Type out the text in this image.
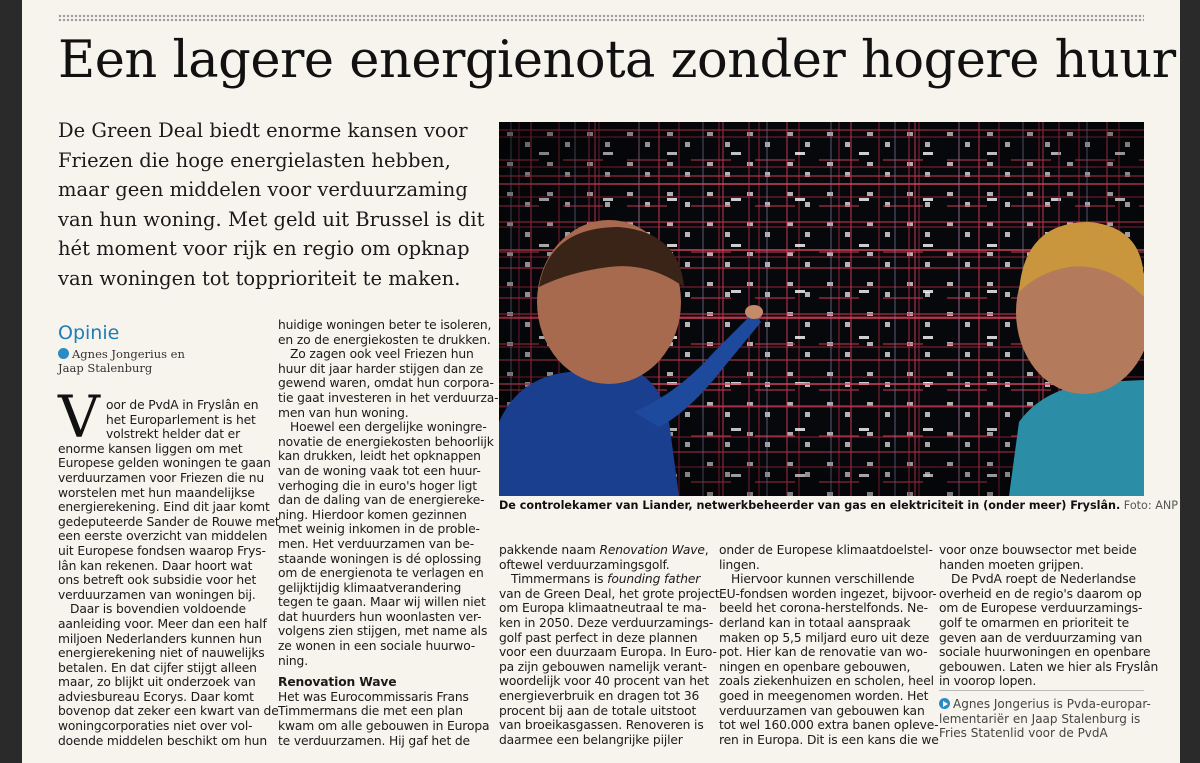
Een lagere energienota zonder hogere huur
De Green Deal biedt enorme kansen voor
Friezen die hoge energielasten hebben,
maar geen middelen voor verduurzaming
van hun woning. Met geld uit Brussel is dit
hét moment voor rijk en regio om opknap
van woningen tot topprioriteit te maken.
De controlekamer van Liander, netwerkbeheerder van gas en elektriciteit in (onder meer) Fryslân. Foto: ANP
Opinie
Agnes Jongerius en
Jaap Stalenburg
V oor de PvdA in Fryslân en
het Europarlement is het
volstrekt helder dat er
enorme kansen liggen om met
Europese gelden woningen te gaan
verduurzamen voor Friezen die nu
worstelen met hun maandelijkse
energierekening. Eind dit jaar komt
gedeputeerde Sander de Rouwe met
een eerste overzicht van middelen
uit Europese fondsen waarop Frys-
lân kan rekenen. Daar hoort wat
ons betreft ook subsidie voor het
verduurzamen van woningen bij.
Daar is bovendien voldoende
aanleiding voor. Meer dan een half
miljoen Nederlanders kunnen hun
energierekening niet of nauwelijks
betalen. En dat cijfer stijgt alleen
maar, zo blijkt uit onderzoek van
adviesbureau Ecorys. Daar komt
bovenop dat zeker een kwart van de
woningcorporaties niet over vol-
doende middelen beschikt om hun
huidige woningen beter te isoleren,
en zo de energiekosten te drukken.
Zo zagen ook veel Friezen hun
huur dit jaar harder stijgen dan ze
gewend waren, omdat hun corpora-
tie gaat investeren in het verduurza-
men van hun woning.
Hoewel een dergelijke woningre-
novatie de energiekosten behoorlijk
kan drukken, leidt het opknappen
van de woning vaak tot een huur-
verhoging die in euro's hoger ligt
dan de daling van de energiereke-
ning. Hierdoor komen gezinnen
met weinig inkomen in de proble-
men. Het verduurzamen van be-
staande woningen is dé oplossing
om de energienota te verlagen en
gelijktijdig klimaatverandering
tegen te gaan. Maar wij willen niet
dat huurders hun woonlasten ver-
volgens zien stijgen, met name als
ze wonen in een sociale huurwo-
ning.
Renovation Wave
Het was Eurocommissaris Frans
Timmermans die met een plan
kwam om alle gebouwen in Europa
te verduurzamen. Hij gaf het de
pakkende naam Renovation Wave,
oftewel verduurzamingsgolf.
Timmermans is founding father
van de Green Deal, het grote project
om Europa klimaatneutraal te ma-
ken in 2050. Deze verduurzamings-
golf past perfect in deze plannen
voor een duurzaam Europa. In Euro-
pa zijn gebouwen namelijk verant-
woordelijk voor 40 procent van het
energieverbruik en dragen tot 36
procent bij aan de totale uitstoot
van broeikasgassen. Renoveren is
daarmee een belangrijke pijler
onder de Europese klimaatdoelstel-
lingen.
Hiervoor kunnen verschillende
EU-fondsen worden ingezet, bijvoor-
beeld het corona-herstelfonds. Ne-
derland kan in totaal aanspraak
maken op 5,5 miljard euro uit deze
pot. Hier kan de renovatie van wo-
ningen en openbare gebouwen,
zoals ziekenhuizen en scholen, heel
goed in meegenomen worden. Het
verduurzamen van gebouwen kan
tot wel 160.000 extra banen opleve-
ren in Europa. Dit is een kans die we
voor onze bouwsector met beide
handen moeten grijpen.
De PvdA roept de Nederlandse
overheid en de regio's daarom op
om de Europese verduurzamings-
golf te omarmen en prioriteit te
geven aan de verduurzaming van
sociale huurwoningen en openbare
gebouwen. Laten we hier als Fryslân
in voorop lopen.
Agnes Jongerius is Pvda-europar-
lementariër en Jaap Stalenburg is
Fries Statenlid voor de PvdA
